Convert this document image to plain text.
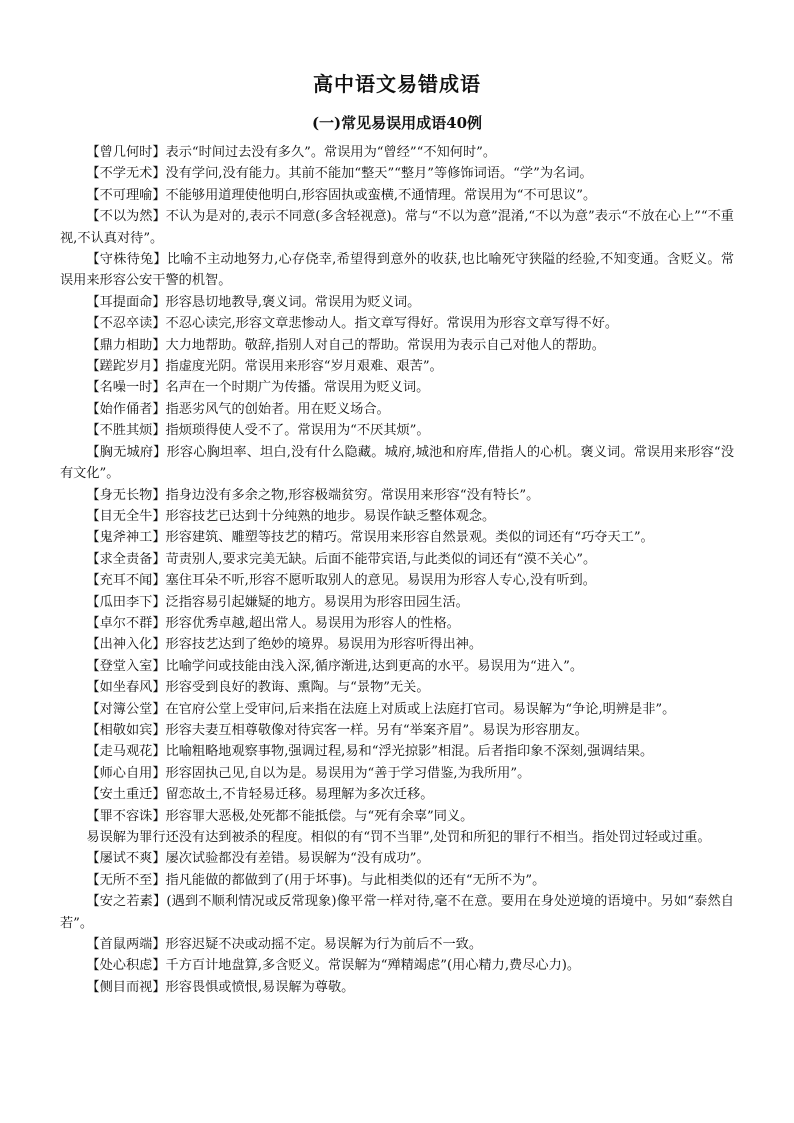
高中语文易错成语
(一)常见易误用成语40例

【曾几何时】表示“时间过去没有多久”。常误用为“曾经”“不知何时”。

【不学无术】没有学问,没有能力。其前不能加“整天”“整月”等修饰词语。“学”为名词。

【不可理喻】不能够用道理使他明白,形容固执或蛮横,不通情理。常误用为“不可思议”。

【不以为然】不认为是对的,表示不同意(多含轻视意)。常与“不以为意”混淆,“不以为意”表示“不放在心上”“不重视,不认真对待”。

【守株待兔】比喻不主动地努力,心存侥幸,希望得到意外的收获,也比喻死守狭隘的经验,不知变通。含贬义。常误用来形容公安干警的机智。

【耳提面命】形容恳切地教导,褒义词。常误用为贬义词。

【不忍卒读】不忍心读完,形容文章悲惨动人。指文章写得好。常误用为形容文章写得不好。

【鼎力相助】大力地帮助。敬辞,指别人对自己的帮助。常误用为表示自己对他人的帮助。

【蹉跎岁月】指虚度光阴。常误用来形容“岁月艰难、艰苦”。

【名噪一时】名声在一个时期广为传播。常误用为贬义词。

【始作俑者】指恶劣风气的创始者。用在贬义场合。

【不胜其烦】指烦琐得使人受不了。常误用为“不厌其烦”。

【胸无城府】形容心胸坦率、坦白,没有什么隐藏。城府,城池和府库,借指人的心机。褒义词。常误用来形容“没有文化”。

【身无长物】指身边没有多余之物,形容极端贫穷。常误用来形容“没有特长”。

【目无全牛】形容技艺已达到十分纯熟的地步。易误作缺乏整体观念。

【鬼斧神工】形容建筑、雕塑等技艺的精巧。常误用来形容自然景观。类似的词还有“巧夺天工”。

【求全责备】苛责别人,要求完美无缺。后面不能带宾语,与此类似的词还有“漠不关心”。

【充耳不闻】塞住耳朵不听,形容不愿听取别人的意见。易误用为形容人专心,没有听到。

【瓜田李下】泛指容易引起嫌疑的地方。易误用为形容田园生活。

【卓尔不群】形容优秀卓越,超出常人。易误用为形容人的性格。

【出神入化】形容技艺达到了绝妙的境界。易误用为形容听得出神。

【登堂入室】比喻学问或技能由浅入深,循序渐进,达到更高的水平。易误用为“进入”。

【如坐春风】形容受到良好的教诲、熏陶。与“景物”无关。

【对簿公堂】在官府公堂上受审问,后来指在法庭上对质或上法庭打官司。易误解为“争论,明辨是非”。

【相敬如宾】形容夫妻互相尊敬像对待宾客一样。另有“举案齐眉”。易误为形容朋友。

【走马观花】比喻粗略地观察事物,强调过程,易和“浮光掠影”相混。后者指印象不深刻,强调结果。

【师心自用】形容固执己见,自以为是。易误用为“善于学习借鉴,为我所用”。

【安土重迁】留恋故土,不肯轻易迁移。易理解为多次迁移。

【罪不容诛】形容罪大恶极,处死都不能抵偿。与“死有余辜”同义。

易误解为罪行还没有达到被杀的程度。相似的有“罚不当罪”,处罚和所犯的罪行不相当。指处罚过轻或过重。

【屡试不爽】屡次试验都没有差错。易误解为“没有成功”。

【无所不至】指凡能做的都做到了(用于坏事)。与此相类似的还有“无所不为”。

【安之若素】(遇到不顺利情况或反常现象)像平常一样对待,毫不在意。要用在身处逆境的语境中。另如“泰然自若”。

【首鼠两端】形容迟疑不决或动摇不定。易误解为行为前后不一致。

【处心积虑】千方百计地盘算,多含贬义。常误解为“殚精竭虑”(用心精力,费尽心力)。

【侧目而视】形容畏惧或愤恨,易误解为尊敬。
